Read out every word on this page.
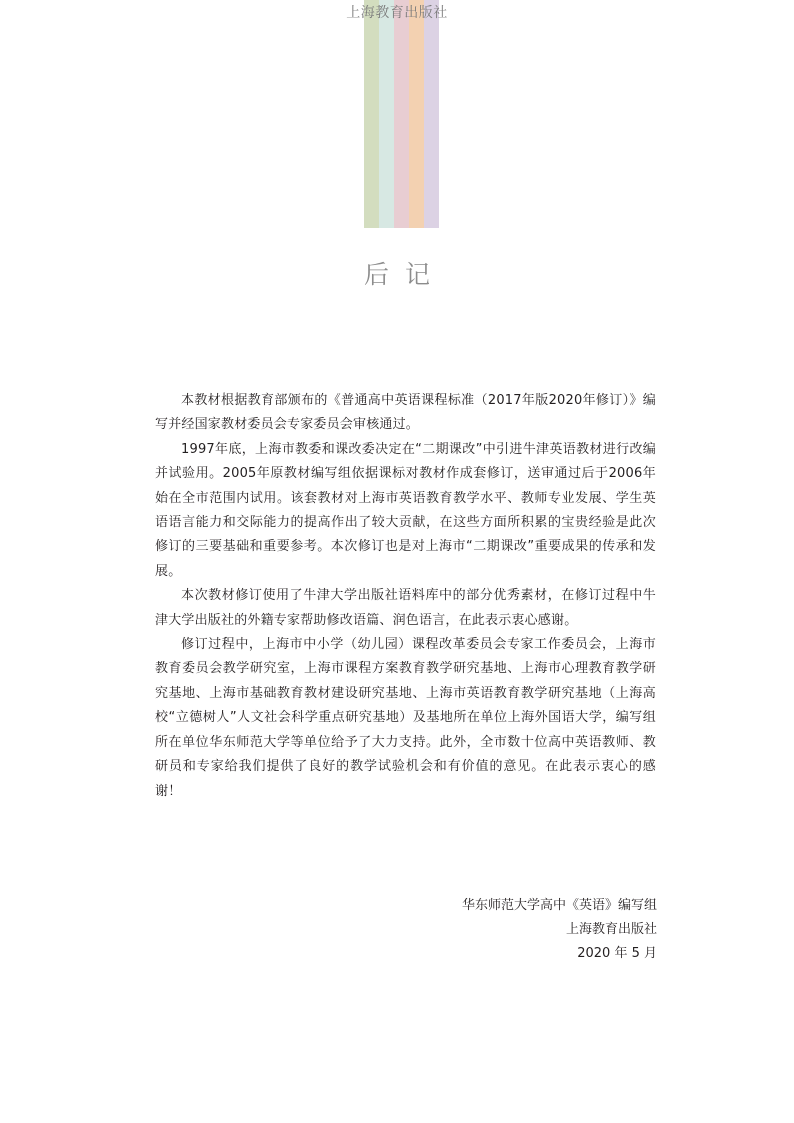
上海教育出版社
后记

本教材根据教育部颁布的《普通高中英语课程标准（2017年版2020年修订）》编写并经国家教材委员会专家委员会审核通过。

1997年底，上海市教委和课改委决定在“二期课改”中引进牛津英语教材进行改编并试验用。2005年原教材编写组依据课标对教材作成套修订，送审通过后于2006年始在全市范围内试用。该套教材对上海市英语教育教学水平、教师专业发展、学生英语语言能力和交际能力的提高作出了较大贡献，在这些方面所积累的宝贵经验是此次修订的三要基础和重要参考。本次修订也是对上海市“二期课改”重要成果的传承和发展。

本次教材修订使用了牛津大学出版社语料库中的部分优秀素材，在修订过程中牛津大学出版社的外籍专家帮助修改语篇、润色语言，在此表示衷心感谢。

修订过程中，上海市中小学（幼儿园）课程改革委员会专家工作委员会，上海市教育委员会教学研究室，上海市课程方案教育教学研究基地、上海市心理教育教学研究基地、上海市基础教育教材建设研究基地、上海市英语教育教学研究基地（上海高校“立德树人”人文社会科学重点研究基地）及基地所在单位上海外国语大学，编写组所在单位华东师范大学等单位给予了大力支持。此外，全市数十位高中英语教师、教研员和专家给我们提供了良好的教学试验机会和有价值的意见。在此表示衷心的感谢！

华东师范大学高中《英语》编写组
上海教育出版社
2020 年 5 月
